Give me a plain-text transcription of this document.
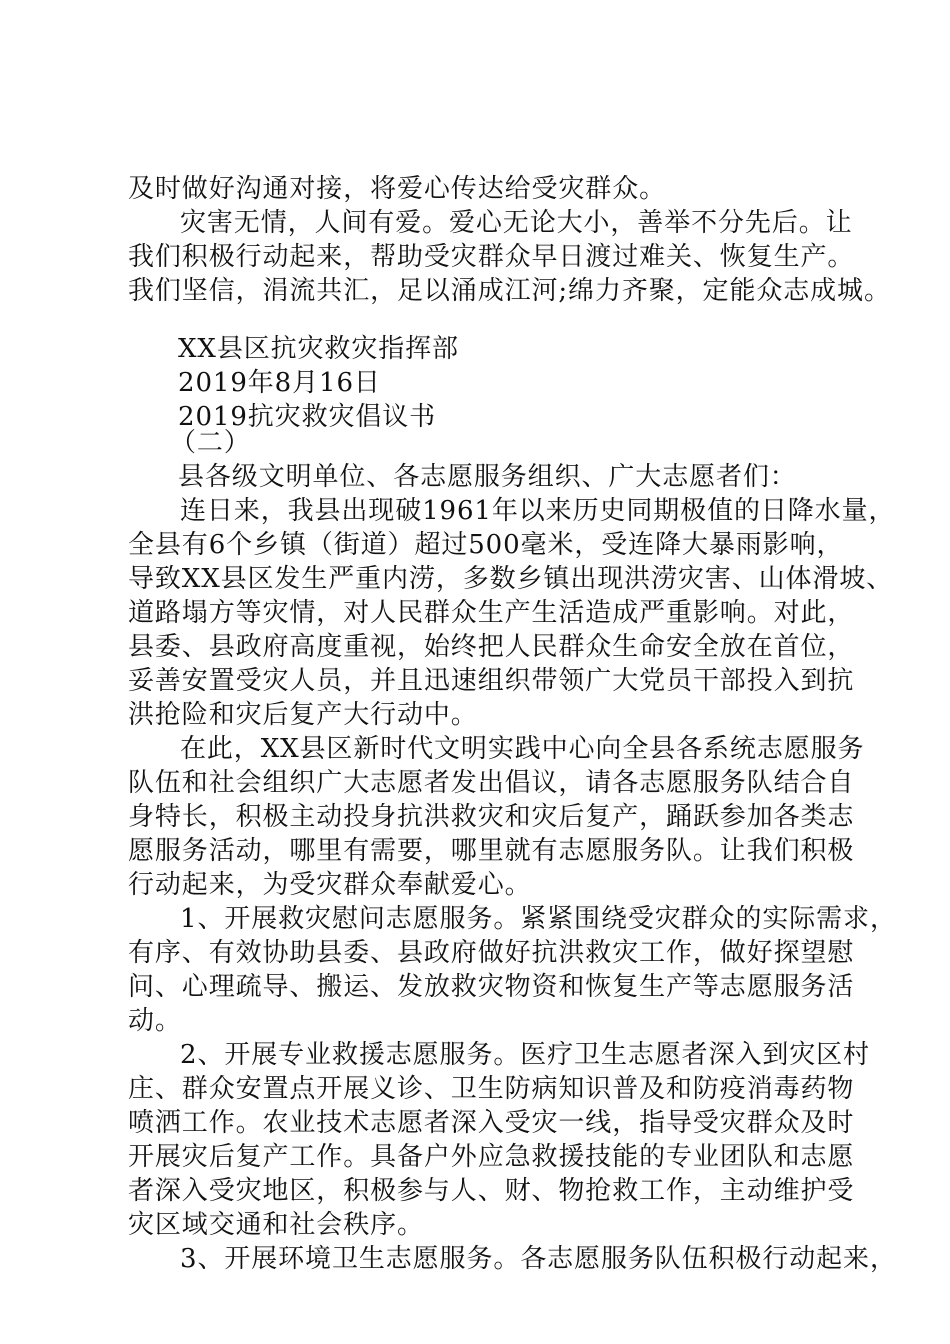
及时做好沟通对接，将爱心传达给受灾群众。
灾害无情，人间有爱。爱心无论大小，善举不分先后。让
我们积极行动起来，帮助受灾群众早日渡过难关、恢复生产。
我们坚信，涓流共汇，足以涌成江河;绵力齐聚，定能众志成城。
XX县区抗灾救灾指挥部
2019年8月16日
2019抗灾救灾倡议书
（二）
县各级文明单位、各志愿服务组织、广大志愿者们：
连日来，我县出现破1961年以来历史同期极值的日降水量，
全县有6个乡镇（街道）超过500毫米，受连降大暴雨影响，
导致XX县区发生严重内涝，多数乡镇出现洪涝灾害、山体滑坡、
道路塌方等灾情，对人民群众生产生活造成严重影响。对此，
县委、县政府高度重视，始终把人民群众生命安全放在首位，
妥善安置受灾人员，并且迅速组织带领广大党员干部投入到抗
洪抢险和灾后复产大行动中。
在此，XX县区新时代文明实践中心向全县各系统志愿服务
队伍和社会组织广大志愿者发出倡议，请各志愿服务队结合自
身特长，积极主动投身抗洪救灾和灾后复产，踊跃参加各类志
愿服务活动，哪里有需要，哪里就有志愿服务队。让我们积极
行动起来，为受灾群众奉献爱心。
1、开展救灾慰问志愿服务。紧紧围绕受灾群众的实际需求，
有序、有效协助县委、县政府做好抗洪救灾工作，做好探望慰
问、心理疏导、搬运、发放救灾物资和恢复生产等志愿服务活
动。
2、开展专业救援志愿服务。医疗卫生志愿者深入到灾区村
庄、群众安置点开展义诊、卫生防病知识普及和防疫消毒药物
喷洒工作。农业技术志愿者深入受灾一线，指导受灾群众及时
开展灾后复产工作。具备户外应急救援技能的专业团队和志愿
者深入受灾地区，积极参与人、财、物抢救工作，主动维护受
灾区域交通和社会秩序。
3、开展环境卫生志愿服务。各志愿服务队伍积极行动起来，
